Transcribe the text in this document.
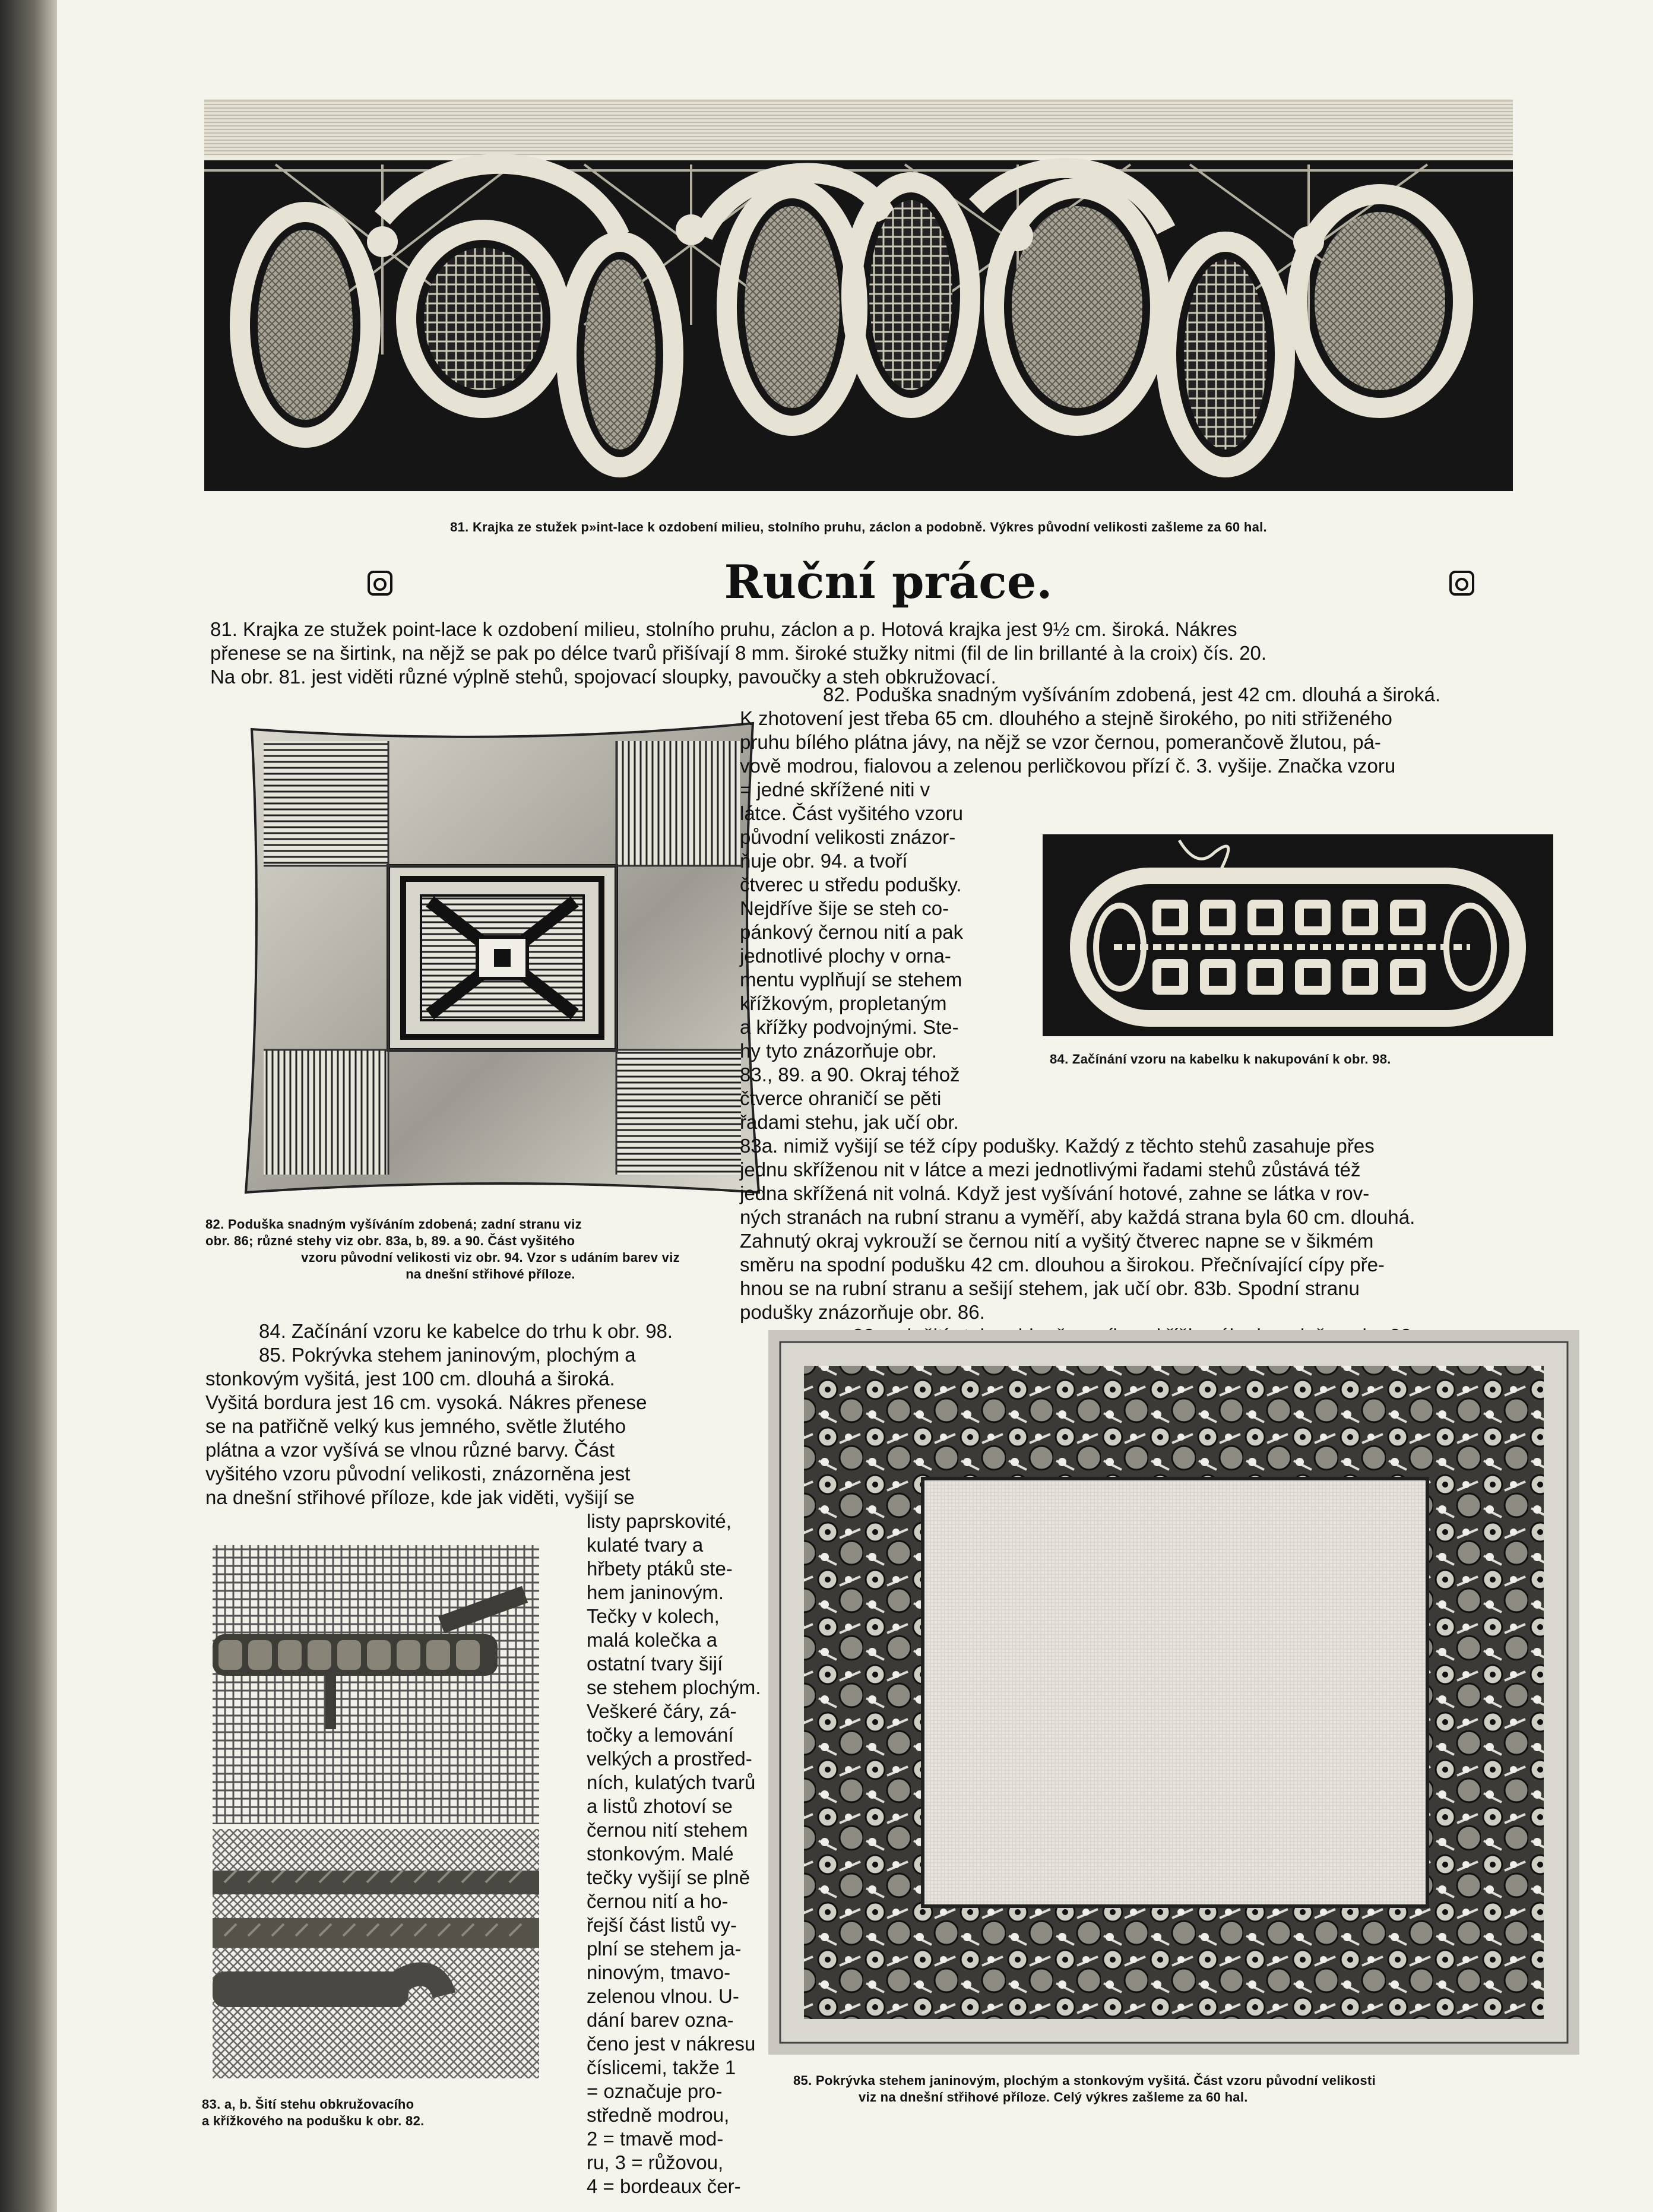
81. Krajka ze stužek p»int-lace k ozdobení milieu, stolního pruhu, záclon a podobně. Výkres původní velikosti zašleme za 60 hal.
Ruční práce.
81. Krajka ze stužek point-lace k ozdobení milieu, stolního pruhu, záclon a p. Hotová krajka jest 9½ cm. široká. Nákres
přenese se na širtink, na nějž se pak po délce tvarů přišívají 8 mm. široké stužky nitmi (fil de lin brillanté à la croix) čís. 20.
Na obr. 81. jest viděti různé výplně stehů, spojovací sloupky, pavoučky a steh obkružovací.
82. Poduška snadným vyšíváním zdobená; zadní stranu viz
obr. 86; různé stehy viz obr. 83a, b, 89. a 90. Část vyšitého
vzoru původní velikosti viz obr. 94. Vzor s udáním barev viz
na dnešní střihové příloze.
82. Poduška snadným vyšíváním zdobená, jest 42 cm. dlouhá a široká.
K zhotovení jest třeba 65 cm. dlouhého a stejně širokého, po niti střiženého
pruhu bílého plátna jávy, na nějž se vzor černou, pomerančově žlutou, pá-
vově modrou, fialovou a zelenou perličkovou přízí č. 3. vyšije. Značka vzoru
= jedné skřížené niti v
látce. Část vyšitého vzoru
původní velikosti znázor-
ňuje obr. 94. a tvoří
čtverec u středu podušky.
Nejdříve šije se steh co-
pánkový černou nití a pak
jednotlivé plochy v orna-
mentu vyplňují se stehem
křížkovým, propletaným
a křížky podvojnými. Ste-
hy tyto znázorňuje obr.
83., 89. a 90. Okraj téhož
čtverce ohraničí se pěti
řadami stehu, jak učí obr.
84. Začínání vzoru na kabelku k nakupování k obr. 98.
83a. nimiž vyšijí se též cípy podušky. Každý z těchto stehů zasahuje přes
jednu skříženou nit v látce a mezi jednotlivými řadami stehů zůstává též
jedna skřížená nit volná. Když jest vyšívání hotové, zahne se látka v rov-
ných stranách na rubní stranu a vyměří, aby každá strana byla 60 cm. dlouhá.
Zahnutý okraj vykrouží se černou nití a vyšitý čtverec napne se v šikmém
směru na spodní podušku 42 cm. dlouhou a širokou. Přečnívající cípy pře-
hnou se na rubní stranu a sešijí stehem, jak učí obr. 83b. Spodní stranu
podušky znázorňuje obr. 86.
84. Začínání vzoru ke kabelce do trhu k obr. 98.
85. Pokrývka stehem janinovým, plochým a
stonkovým vyšitá, jest 100 cm. dlouhá a široká.
Vyšitá bordura jest 16 cm. vysoká. Nákres přenese
se na patřičně velký kus jemného, světle žlutého
plátna a vzor vyšívá se vlnou různé barvy. Část
vyšitého vzoru původní velikosti, znázorněna jest
na dnešní střihové příloze, kde jak viděti, vyšijí se
listy paprskovité,
kulaté tvary a
hřbety ptáků ste-
hem janinovým.
Tečky v kolech,
malá kolečka a
ostatní tvary šijí
se stehem plochým.
Veškeré čáry, zá-
točky a lemování
velkých a prostřed-
ních, kulatých tvarů
a listů zhotoví se
černou nití stehem
stonkovým. Malé
tečky vyšijí se plně
černou nití a ho-
řejší část listů vy-
plní se stehem ja-
ninovým, tmavo-
zelenou vlnou. U-
dání barev ozna-
čeno jest v nákresu
číslicemi, takže 1
= označuje pro-
středně modrou,
2 = tmavě mod-
ru, 3 = růžovou,
4 = bordeaux čer-
83. a, b. Šití stehu obkružovacího
a křížkového na podušku k obr. 82.
85. Pokrývka stehem janinovým, plochým a stonkovým vyšitá. Část vzoru původní velikosti
viz na dnešní střihové příloze. Celý výkres zašleme za 60 hal.
